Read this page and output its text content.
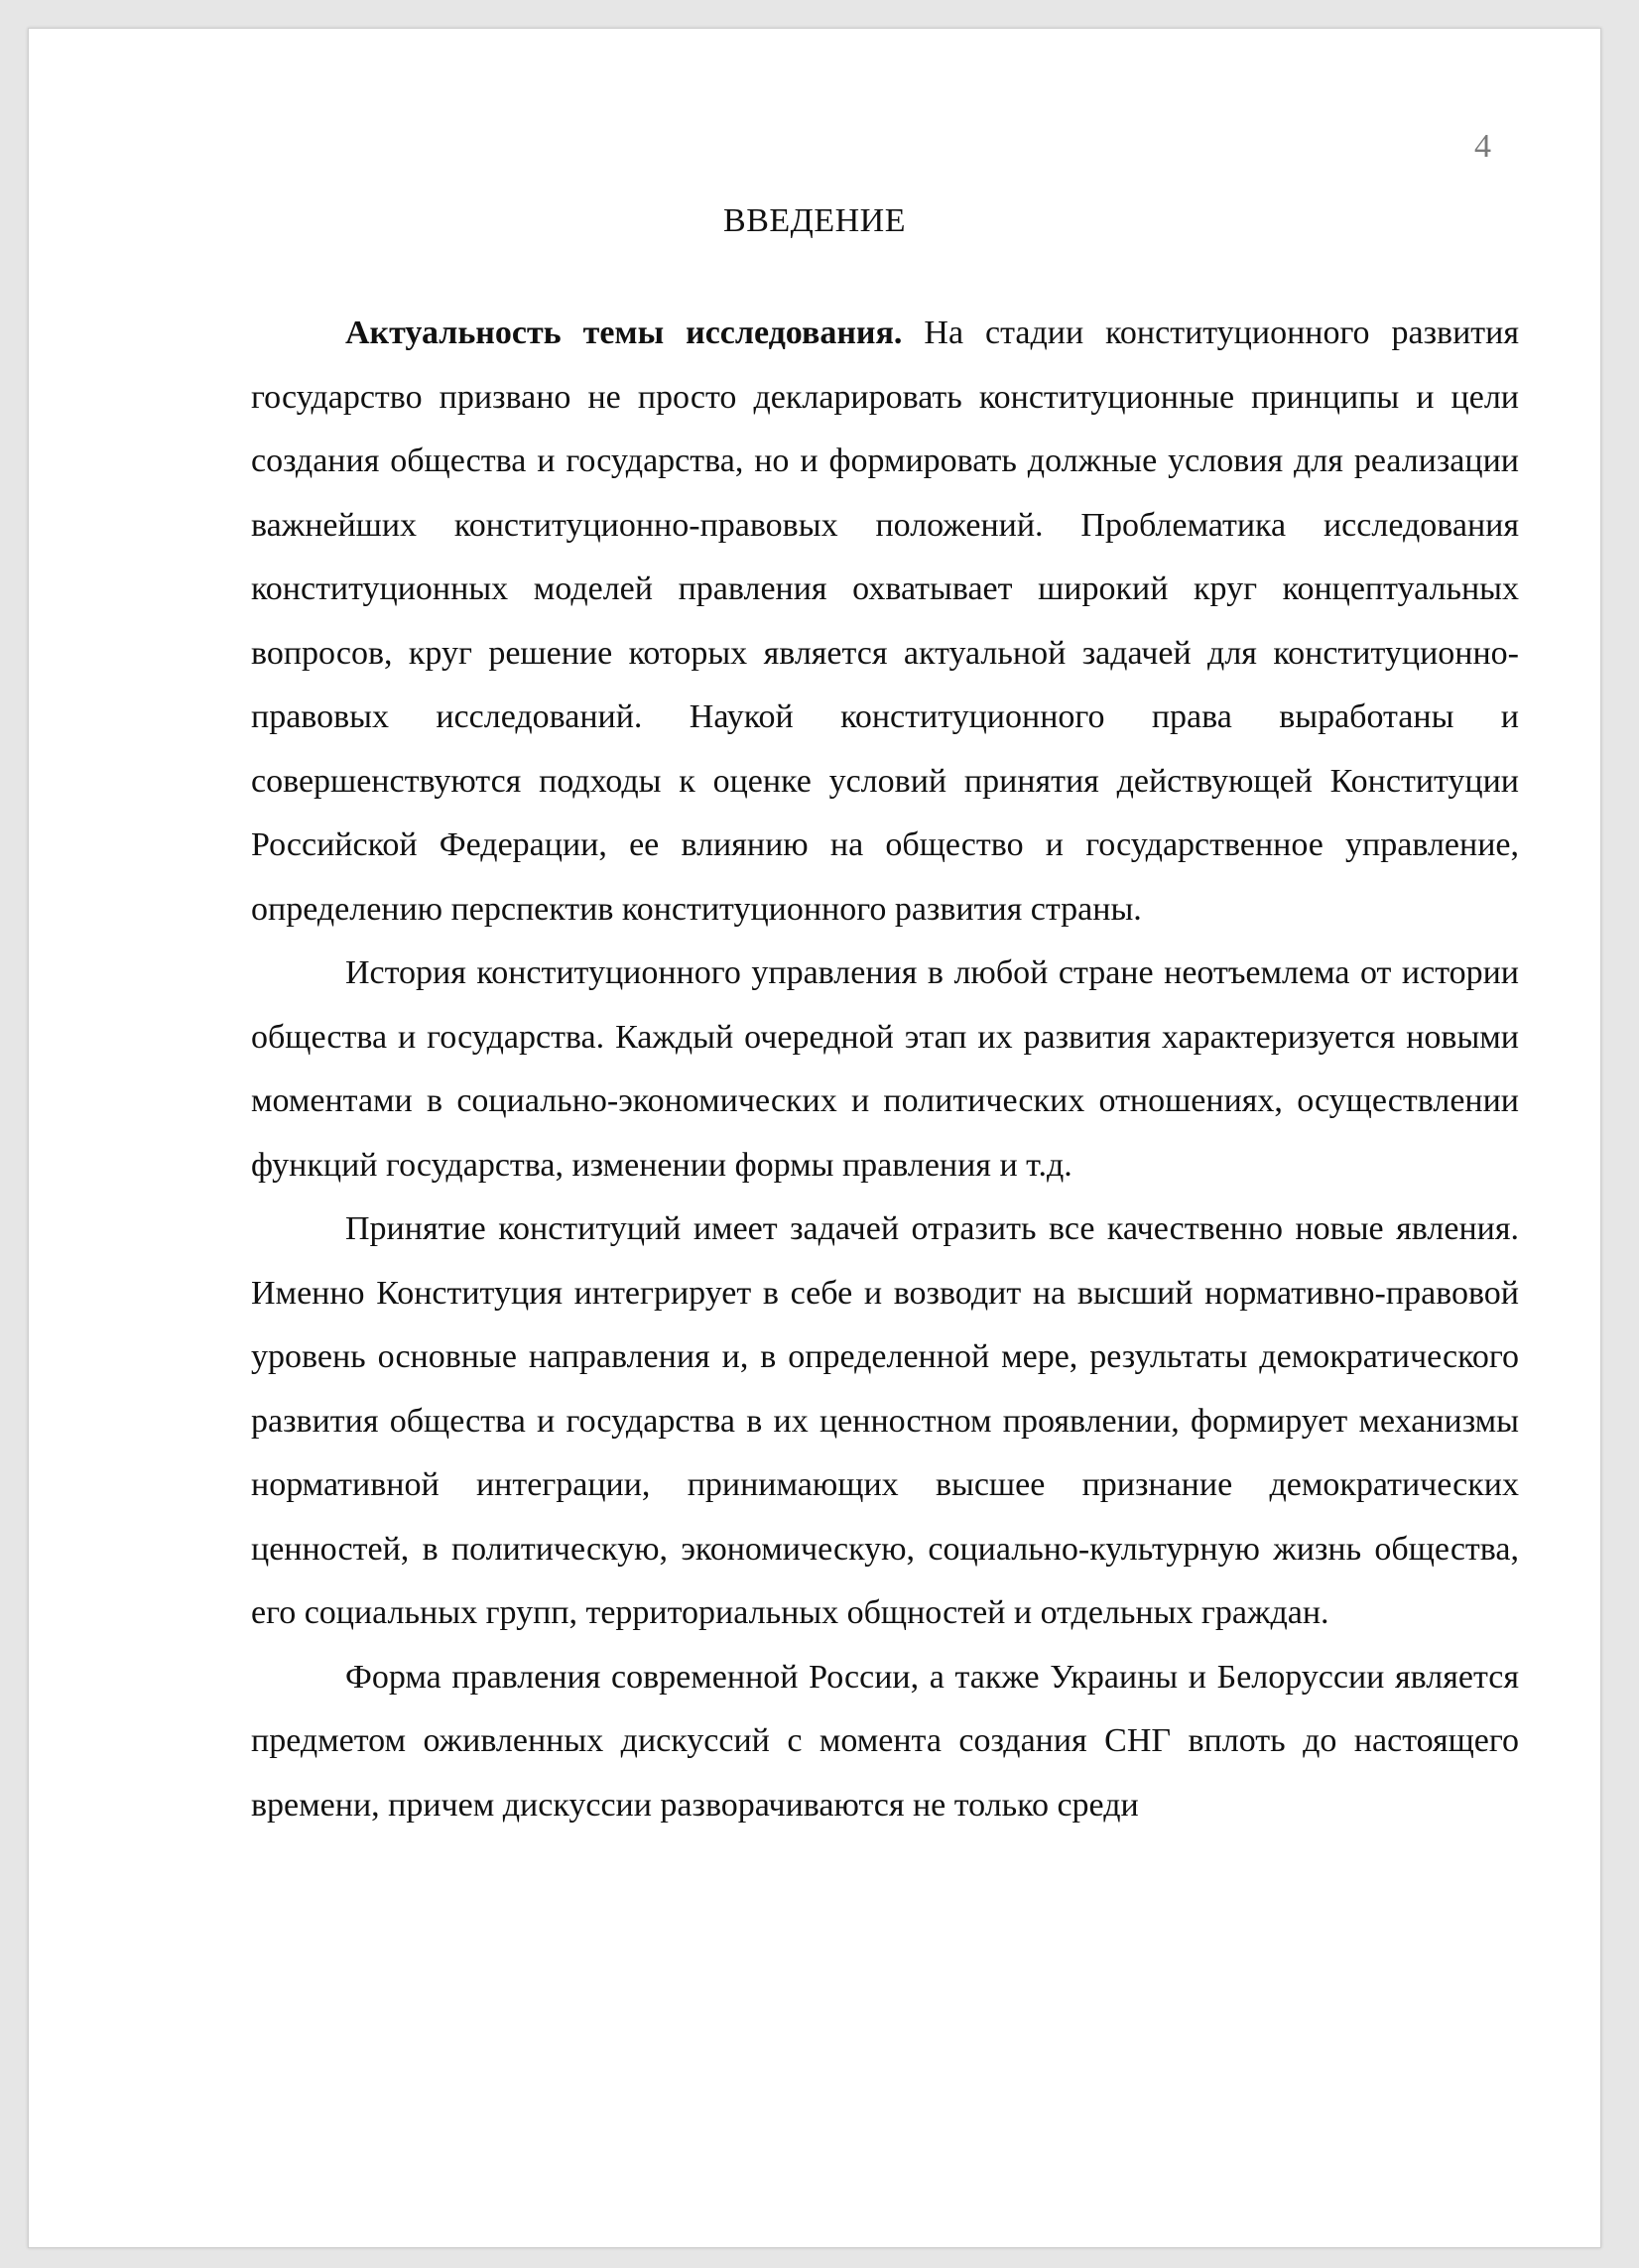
4
ВВЕДЕНИЕ

Актуальность темы исследования. На стадии конституционного развития государство призвано не просто декларировать конституционные принципы и цели создания общества и государства, но и формировать должные условия для реализации важнейших конституционно-правовых положений. Проблематика исследования конституционных моделей правления охватывает широкий круг концептуальных вопросов, круг решение которых является актуальной задачей для конституционно-правовых исследований. Наукой конституционного права выработаны и совершенствуются подходы к оценке условий принятия действующей Конституции Российской Федерации, ее влиянию на общество и государственное управление, определению перспектив конституционного развития страны.

История конституционного управления в любой стране неотъемлема от истории общества и государства. Каждый очередной этап их развития характеризуется новыми моментами в социально-экономических и политических отношениях, осуществлении функций государства, изменении формы правления и т.д.

Принятие конституций имеет задачей отразить все качественно новые явления. Именно Конституция интегрирует в себе и возводит на высший нормативно-правовой уровень основные направления и, в определенной мере, результаты демократического развития общества и государства в их ценностном проявлении, формирует механизмы нормативной интеграции, принимающих высшее признание демократических ценностей, в политическую, экономическую, социально-культурную жизнь общества, его социальных групп, территориальных общностей и отдельных граждан.

Форма правления современной России, а также Украины и Белоруссии является предметом оживленных дискуссий с момента создания СНГ вплоть до настоящего времени, причем дискуссии разворачиваются не только среди
